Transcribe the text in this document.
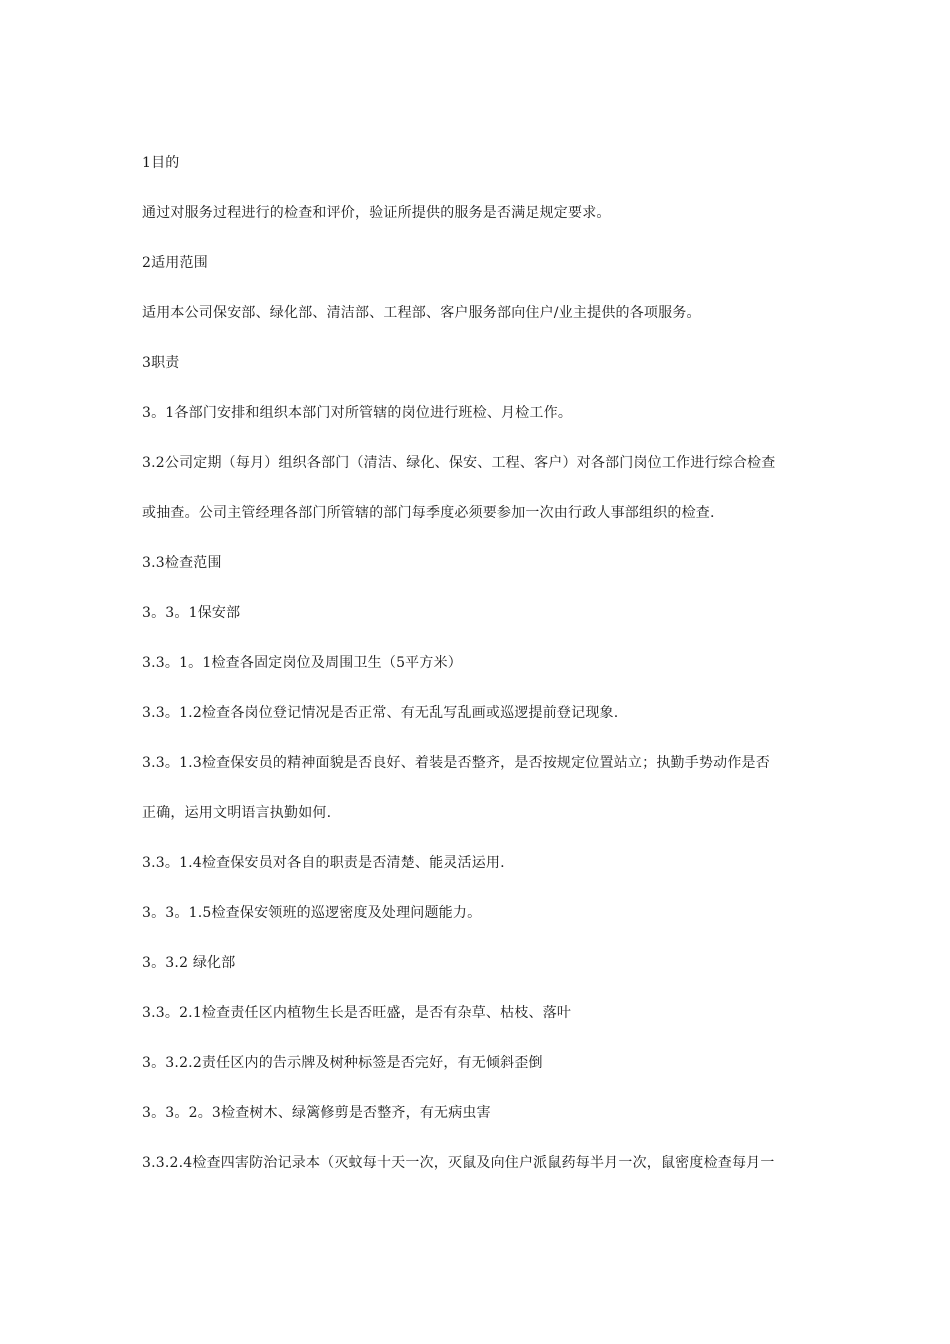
1目的
通过对服务过程进行的检查和评价，验证所提供的服务是否满足规定要求。
2适用范围
适用本公司保安部、绿化部、清洁部、工程部、客户服务部向住户/业主提供的各项服务。
3职责
3。1各部门安排和组织本部门对所管辖的岗位进行班检、月检工作。
3.2公司定期（每月）组织各部门（清洁、绿化、保安、工程、客户）对各部门岗位工作进行综合检查
或抽查。公司主管经理各部门所管辖的部门每季度必须要参加一次由行政人事部组织的检查.
3.3检查范围
3。3。1保安部
3.3。1。1检查各固定岗位及周围卫生（5平方米）
3.3。1.2检查各岗位登记情况是否正常、有无乱写乱画或巡逻提前登记现象.
3.3。1.3检查保安员的精神面貌是否良好、着装是否整齐，是否按规定位置站立；执勤手势动作是否
正确，运用文明语言执勤如何.
3.3。1.4检查保安员对各自的职责是否清楚、能灵活运用.
3。3。1.5检查保安领班的巡逻密度及处理问题能力。
3。3.2 绿化部
3.3。2.1检查责任区内植物生长是否旺盛，是否有杂草、枯枝、落叶
3。3.2.2责任区内的告示牌及树种标签是否完好，有无倾斜歪倒
3。3。2。3检查树木、绿篱修剪是否整齐，有无病虫害
3.3.2.4检查四害防治记录本（灭蚊每十天一次，灭鼠及向住户派鼠药每半月一次，鼠密度检查每月一
